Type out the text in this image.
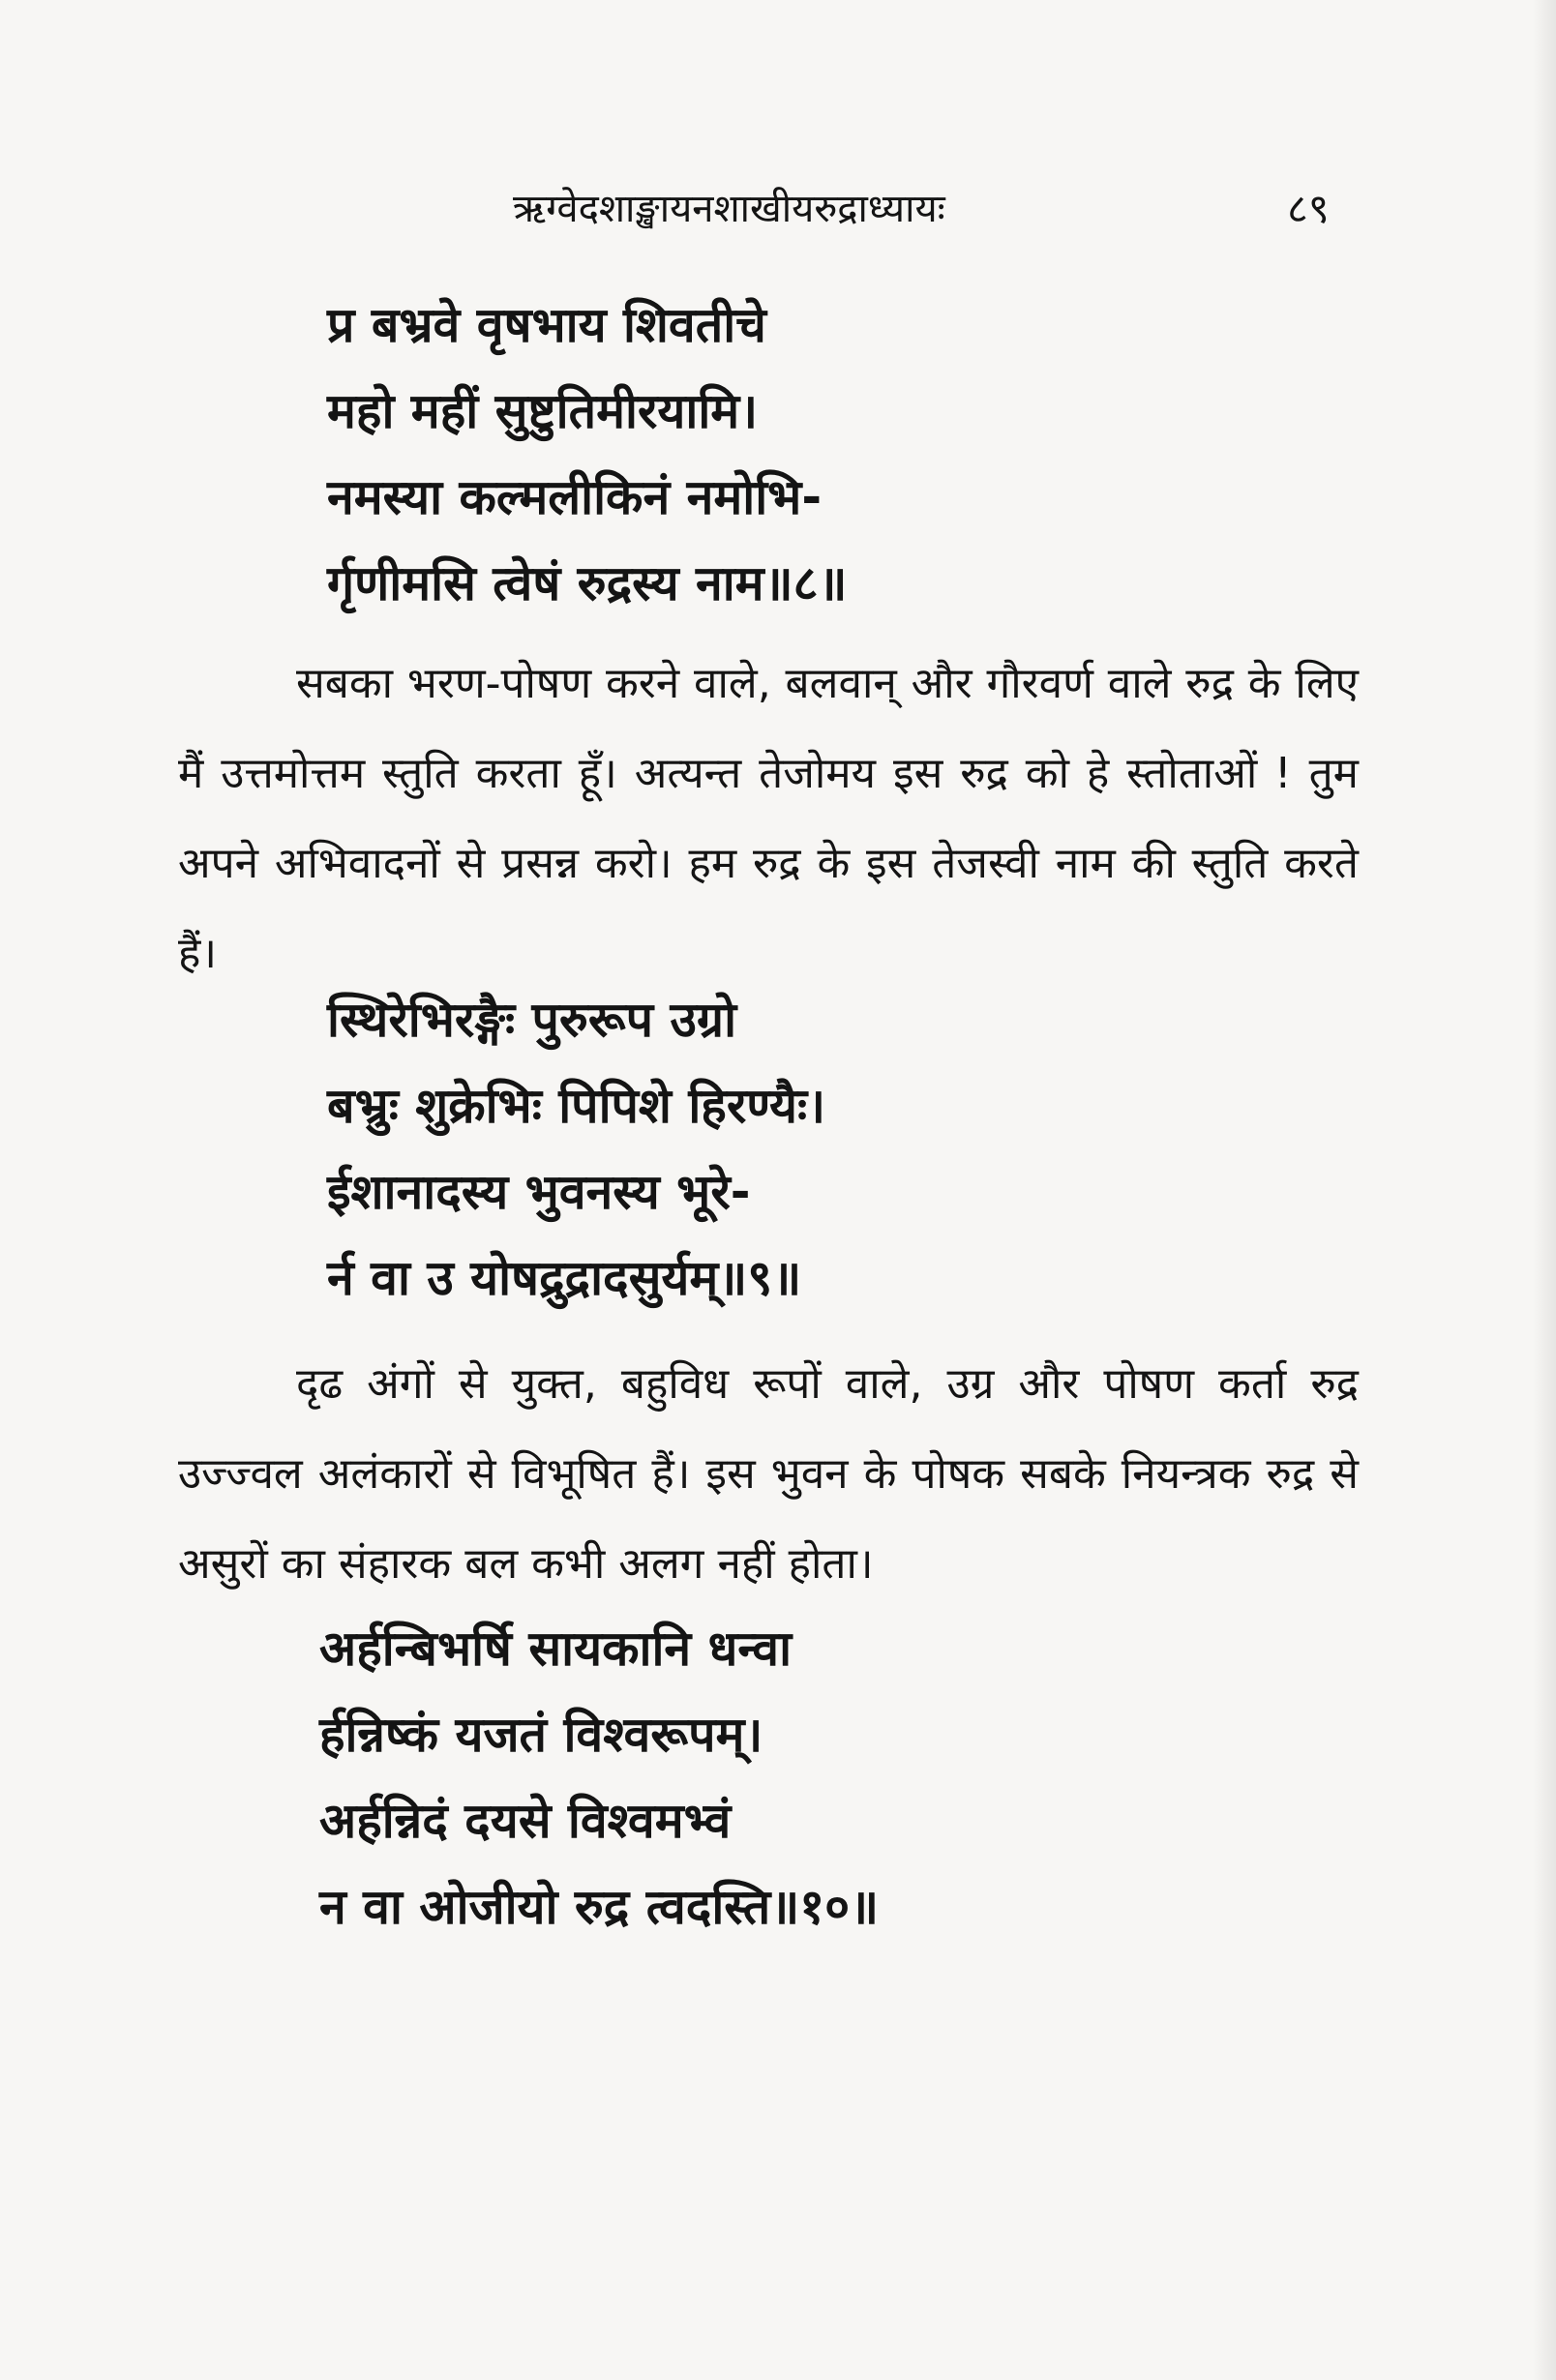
ऋग्वेदशाङ्खायनशाखीयरुद्राध्यायः	८९
प्र बभ्रवे वृषभाय शिवतीचे
महो महीं सुष्टुतिमीरयामि।
नमस्या कल्मलीकिनं नमोभि-
र्गृणीमसि त्वेषं रुद्रस्य नाम॥८॥

सबका भरण-पोषण करने वाले, बलवान् और गौरवर्ण वाले रुद्र के लिए मैं उत्तमोत्तम स्तुति करता हूँ। अत्यन्त तेजोमय इस रुद्र को हे स्तोताओं ! तुम अपने अभिवादनों से प्रसन्न करो। हम रुद्र के इस तेजस्वी नाम की स्तुति करते हैं।

स्थिरेभिरङ्गैः पुरुरूप उग्रो
बभ्रुः शुक्रेभिः पिपिशे हिरण्यैः।
ईशानादस्य भुवनस्य भूरे-
र्न वा उ योषद्रुद्रादसुर्यम्॥९॥

दृढ अंगों से युक्त, बहुविध रूपों वाले, उग्र और पोषण कर्ता रुद्र उज्ज्वल अलंकारों से विभूषित हैं। इस भुवन के पोषक सबके नियन्त्रक रुद्र से असुरों का संहारक बल कभी अलग नहीं होता।

अर्हन्बिभर्षि सायकानि धन्वा
र्हन्निष्कं यजतं विश्वरूपम्।
अर्हन्निदं दयसे विश्वमभ्वं
न वा ओजीयो रुद्र त्वदस्ति॥१०॥
